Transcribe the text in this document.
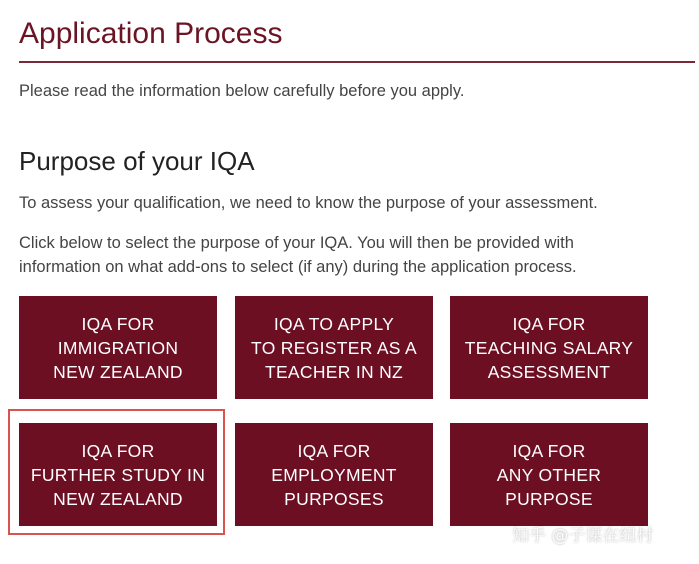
Application Process

Please read the information below carefully before you apply.

Purpose of your IQA

To assess your qualification, we need to know the purpose of your assessment.

Click below to select the purpose of your IQA. You will then be provided with
information on what add-ons to select (if any) during the application process.

IQA FOR
IMMIGRATION
NEW ZEALAND
IQA TO APPLY
TO REGISTER AS A
TEACHER IN NZ
IQA FOR
TEACHING SALARY
ASSESSMENT
IQA FOR
FURTHER STUDY IN
NEW ZEALAND
IQA FOR
EMPLOYMENT
PURPOSES
IQA FOR
ANY OTHER
PURPOSE
知乎 @子谋在纽村
